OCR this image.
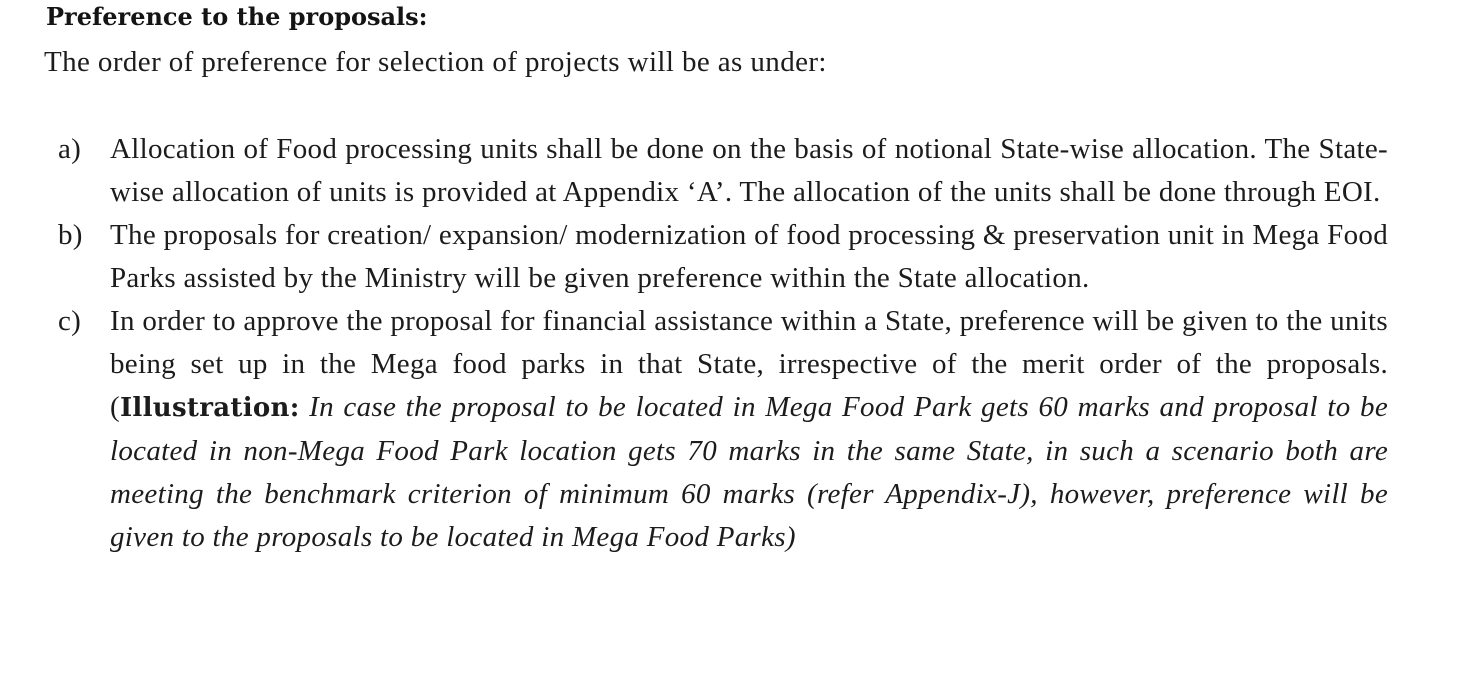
Preference to the proposals:

The order of preference for selection of projects will be as under:

a) Allocation of Food processing units shall be done on the basis of notional State-wise allocation. The State-wise allocation of units is provided at Appendix ‘A’. The allocation of the units shall be done through EOI.
b) The proposals for creation/ expansion/ modernization of food processing & preservation unit in Mega Food Parks assisted by the Ministry will be given preference within the State allocation.
c) In order to approve the proposal for financial assistance within a State, preference will be given to the units being set up in the Mega food parks in that State, irrespective of the merit order of the proposals. (Illustration: In case the proposal to be located in Mega Food Park gets 60 marks and proposal to be located in non-Mega Food Park location gets 70 marks in the same State, in such a scenario both are meeting the benchmark criterion of minimum 60 marks (refer Appendix-J), however, preference will be given to the proposals to be located in Mega Food Parks)
